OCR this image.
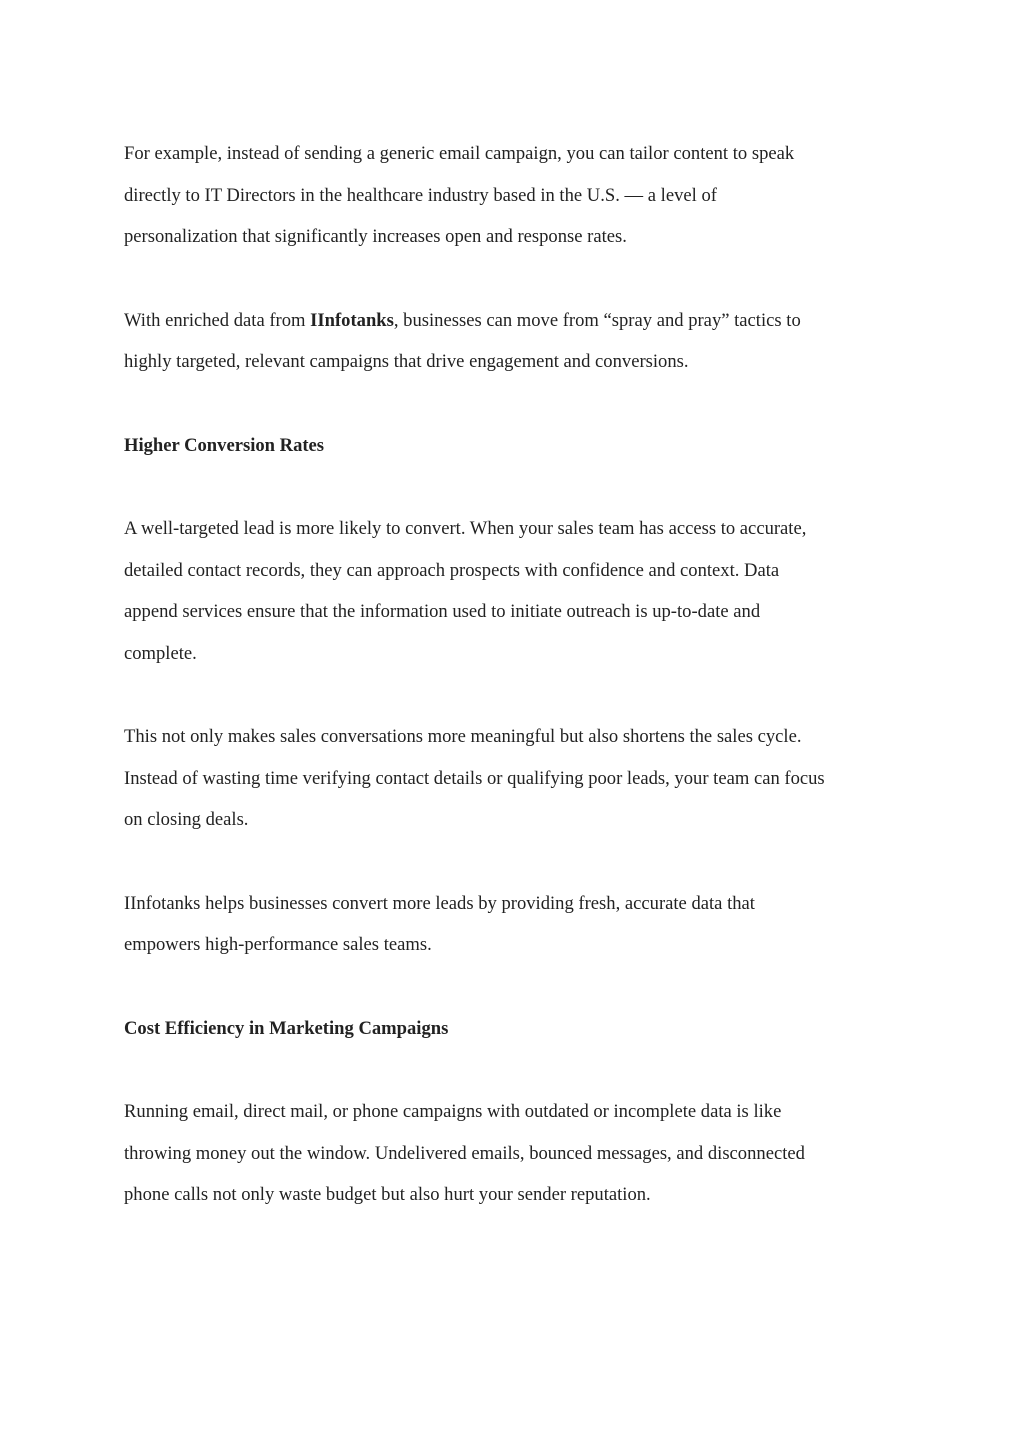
For example, instead of sending a generic email campaign, you can tailor content to speak
directly to IT Directors in the healthcare industry based in the U.S. — a level of
personalization that significantly increases open and response rates.

With enriched data from IInfotanks, businesses can move from “spray and pray” tactics to
highly targeted, relevant campaigns that drive engagement and conversions.

Higher Conversion Rates

A well-targeted lead is more likely to convert. When your sales team has access to accurate,
detailed contact records, they can approach prospects with confidence and context. Data
append services ensure that the information used to initiate outreach is up-to-date and
complete.

This not only makes sales conversations more meaningful but also shortens the sales cycle.
Instead of wasting time verifying contact details or qualifying poor leads, your team can focus
on closing deals.

IInfotanks helps businesses convert more leads by providing fresh, accurate data that
empowers high-performance sales teams.

Cost Efficiency in Marketing Campaigns

Running email, direct mail, or phone campaigns with outdated or incomplete data is like
throwing money out the window. Undelivered emails, bounced messages, and disconnected
phone calls not only waste budget but also hurt your sender reputation.
